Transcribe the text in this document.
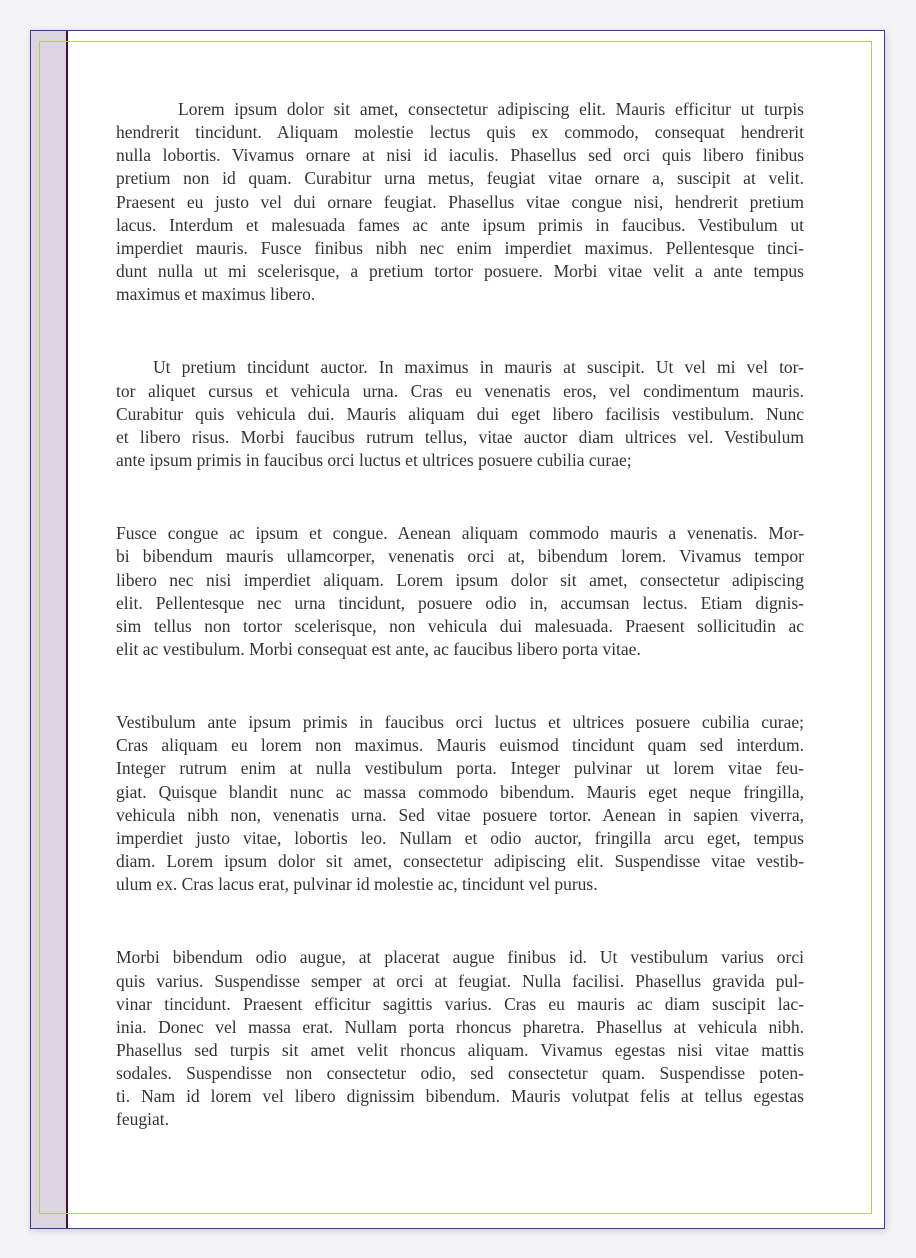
Lorem ipsum dolor sit amet, consectetur adipiscing elit. Mauris efficitur ut turpis
hendrerit tincidunt. Aliquam molestie lectus quis ex commodo, consequat hendrerit
nulla lobortis. Vivamus ornare at nisi id iaculis. Phasellus sed orci quis libero finibus
pretium non id quam. Curabitur urna metus, feugiat vitae ornare a, suscipit at velit.
Praesent eu justo vel dui ornare feugiat. Phasellus vitae congue nisi, hendrerit pretium
lacus. Interdum et malesuada fames ac ante ipsum primis in faucibus. Vestibulum ut
imperdiet mauris. Fusce finibus nibh nec enim imperdiet maximus. Pellentesque tinci-
dunt nulla ut mi scelerisque, a pretium tortor posuere. Morbi vitae velit a ante tempus
maximus et maximus libero.
Ut pretium tincidunt auctor. In maximus in mauris at suscipit. Ut vel mi vel tor-
tor aliquet cursus et vehicula urna. Cras eu venenatis eros, vel condimentum mauris.
Curabitur quis vehicula dui. Mauris aliquam dui eget libero facilisis vestibulum. Nunc
et libero risus. Morbi faucibus rutrum tellus, vitae auctor diam ultrices vel. Vestibulum
ante ipsum primis in faucibus orci luctus et ultrices posuere cubilia curae;
Fusce congue ac ipsum et congue. Aenean aliquam commodo mauris a venenatis. Mor-
bi bibendum mauris ullamcorper, venenatis orci at, bibendum lorem. Vivamus tempor
libero nec nisi imperdiet aliquam. Lorem ipsum dolor sit amet, consectetur adipiscing
elit. Pellentesque nec urna tincidunt, posuere odio in, accumsan lectus. Etiam dignis-
sim tellus non tortor scelerisque, non vehicula dui malesuada. Praesent sollicitudin ac
elit ac vestibulum. Morbi consequat est ante, ac faucibus libero porta vitae.
Vestibulum ante ipsum primis in faucibus orci luctus et ultrices posuere cubilia curae;
Cras aliquam eu lorem non maximus. Mauris euismod tincidunt quam sed interdum.
Integer rutrum enim at nulla vestibulum porta. Integer pulvinar ut lorem vitae feu-
giat. Quisque blandit nunc ac massa commodo bibendum. Mauris eget neque fringilla,
vehicula nibh non, venenatis urna. Sed vitae posuere tortor. Aenean in sapien viverra,
imperdiet justo vitae, lobortis leo. Nullam et odio auctor, fringilla arcu eget, tempus
diam. Lorem ipsum dolor sit amet, consectetur adipiscing elit. Suspendisse vitae vestib-
ulum ex. Cras lacus erat, pulvinar id molestie ac, tincidunt vel purus.
Morbi bibendum odio augue, at placerat augue finibus id. Ut vestibulum varius orci
quis varius. Suspendisse semper at orci at feugiat. Nulla facilisi. Phasellus gravida pul-
vinar tincidunt. Praesent efficitur sagittis varius. Cras eu mauris ac diam suscipit lac-
inia. Donec vel massa erat. Nullam porta rhoncus pharetra. Phasellus at vehicula nibh.
Phasellus sed turpis sit amet velit rhoncus aliquam. Vivamus egestas nisi vitae mattis
sodales. Suspendisse non consectetur odio, sed consectetur quam. Suspendisse poten-
ti. Nam id lorem vel libero dignissim bibendum. Mauris volutpat felis at tellus egestas
feugiat.
